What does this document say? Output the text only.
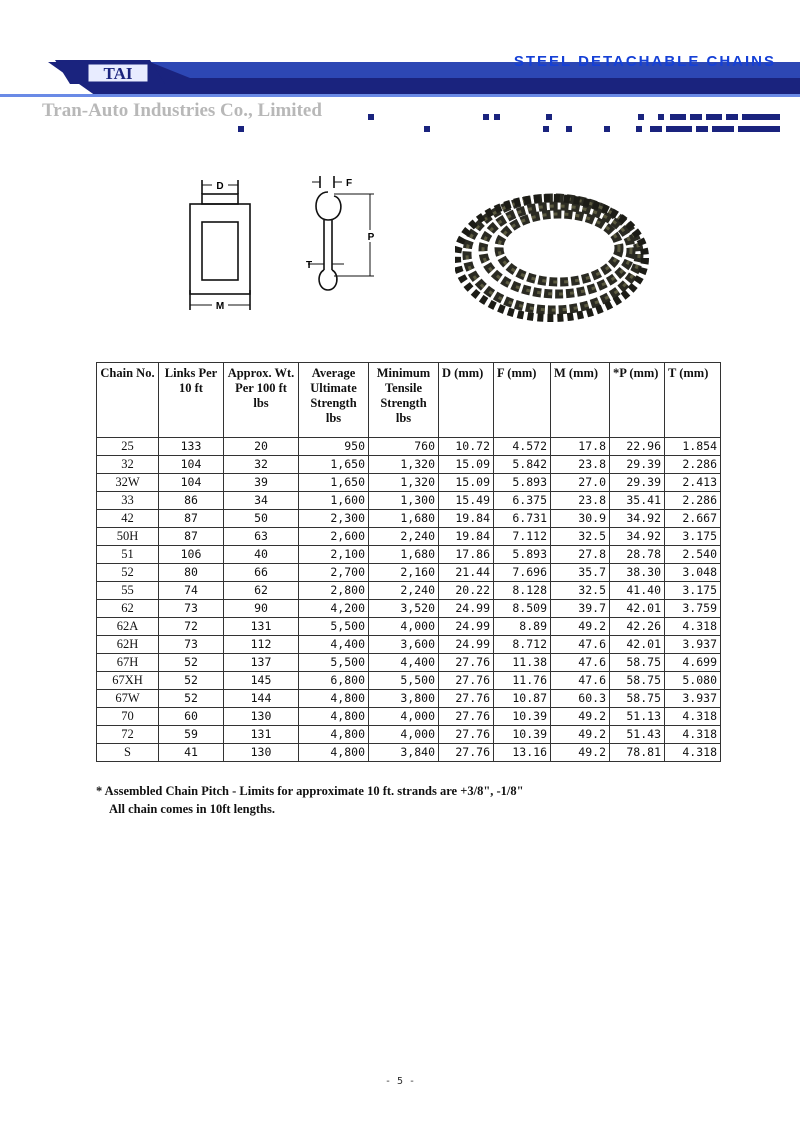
TAI
STEEL DETACHABLE CHAINS
Tran-Auto Industries Co., Limited
D
M
F
P
T
Chain No.	Links Per 10 ft	Approx. Wt. Per 100 ft lbs	Average Ultimate Strength lbs	Minimum Tensile Strength lbs	D (mm)	F (mm)	M (mm)	*P (mm)	T (mm)
25	133	20	950	760	10.72	4.572	17.8	22.96	1.854
32	104	32	1,650	1,320	15.09	5.842	23.8	29.39	2.286
32W	104	39	1,650	1,320	15.09	5.893	27.0	29.39	2.413
33	86	34	1,600	1,300	15.49	6.375	23.8	35.41	2.286
42	87	50	2,300	1,680	19.84	6.731	30.9	34.92	2.667
50H	87	63	2,600	2,240	19.84	7.112	32.5	34.92	3.175
51	106	40	2,100	1,680	17.86	5.893	27.8	28.78	2.540
52	80	66	2,700	2,160	21.44	7.696	35.7	38.30	3.048
55	74	62	2,800	2,240	20.22	8.128	32.5	41.40	3.175
62	73	90	4,200	3,520	24.99	8.509	39.7	42.01	3.759
62A	72	131	5,500	4,000	24.99	8.89	49.2	42.26	4.318
62H	73	112	4,400	3,600	24.99	8.712	47.6	42.01	3.937
67H	52	137	5,500	4,400	27.76	11.38	47.6	58.75	4.699
67XH	52	145	6,800	5,500	27.76	11.76	47.6	58.75	5.080
67W	52	144	4,800	3,800	27.76	10.87	60.3	58.75	3.937
70	60	130	4,800	4,000	27.76	10.39	49.2	51.13	4.318
72	59	131	4,800	4,000	27.76	10.39	49.2	51.43	4.318
S	41	130	4,800	3,840	27.76	13.16	49.2	78.81	4.318
* Assembled Chain Pitch - Limits for approximate 10 ft. strands are +3/8", -1/8"
All chain comes in 10ft lengths.
- 5 -
